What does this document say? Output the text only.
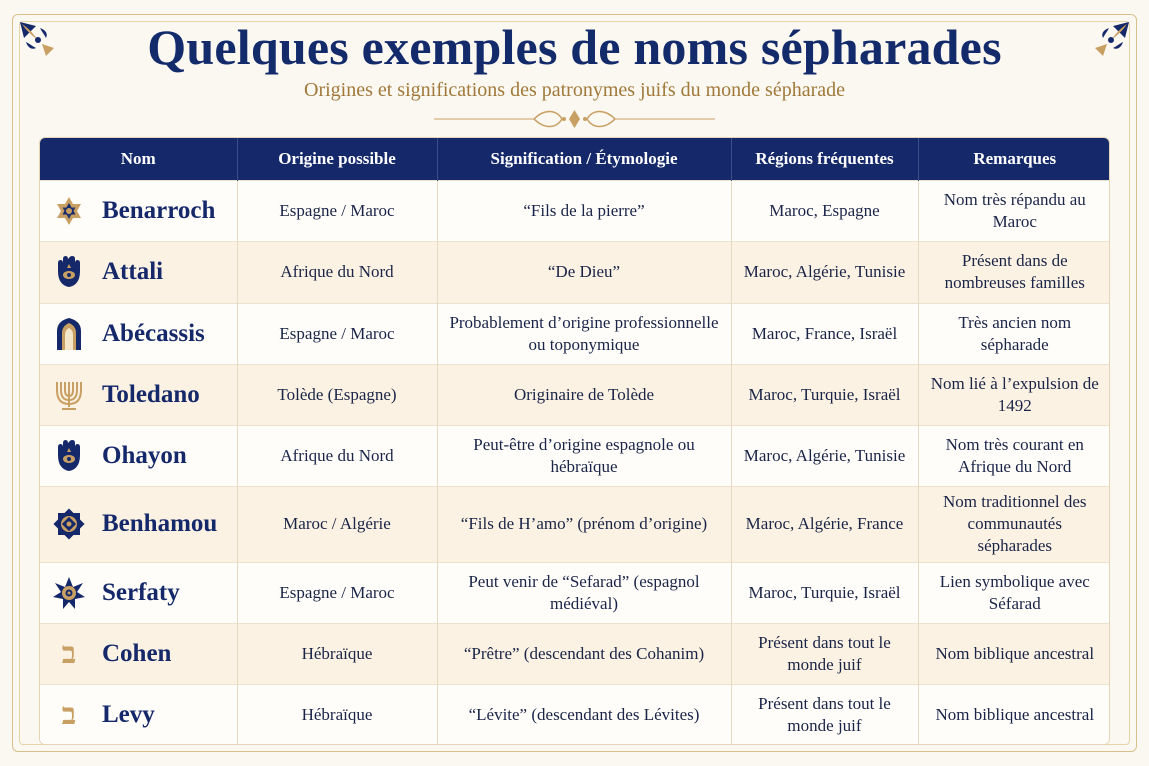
Quelques exemples de noms sépharades
Origines et significations des patronymes juifs du monde sépharade
Nom	Origine possible	Signification / Étymologie	Régions fréquentes	Remarques

Benarroch	Espagne / Maroc	“Fils de la pierre”	Maroc, Espagne	Nom très répandu au Maroc

Attali	Afrique du Nord	“De Dieu”	Maroc, Algérie, Tunisie	Présent dans de nombreuses familles

Abécassis	Espagne / Maroc	Probablement d’origine professionnelle ou toponymique	Maroc, France, Israël	Très ancien nom sépharade

Toledano	Tolède (Espagne)	Originaire de Tolède	Maroc, Turquie, Israël	Nom lié à l’expulsion de 1492

Ohayon	Afrique du Nord	Peut-être d’origine espagnole ou hébraïque	Maroc, Algérie, Tunisie	Nom très courant en Afrique du Nord

Benhamou	Maroc / Algérie	“Fils de H’amo” (prénom d’origine)	Maroc, Algérie, France	Nom traditionnel des communautés sépharades

Serfaty	Espagne / Maroc	Peut venir de “Sefarad” (espagnol médiéval)	Maroc, Turquie, Israël	Lien symbolique avec Séfarad

ב Cohen	Hébraïque	“Prêtre” (descendant des Cohanim)	Présent dans tout le monde juif	Nom biblique ancestral

ב Levy	Hébraïque	“Lévite” (descendant des Lévites)	Présent dans tout le monde juif	Nom biblique ancestral
